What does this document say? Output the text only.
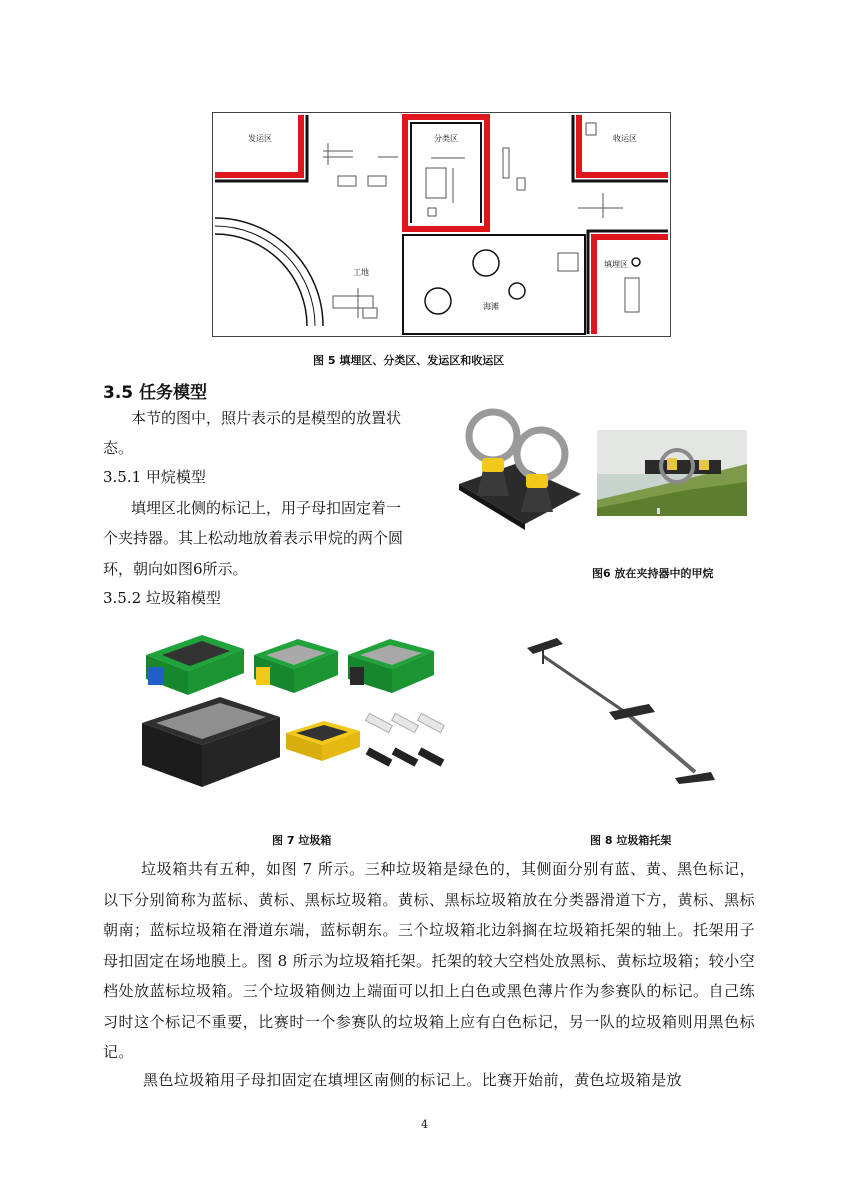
发运区	分类区	收运区
工地
填埋区
海滩
图 5 填埋区、分类区、发运区和收运区
3.5 任务模型
本节的图中，照片表示的是模型的放置状
态。
3.5.1 甲烷模型
填埋区北侧的标记上，用子母扣固定着一
个夹持器。其上松动地放着表示甲烷的两个圆
环，朝向如图6所示。
3.5.2 垃圾箱模型
图6 放在夹持器中的甲烷
图 7 垃圾箱	图 8 垃圾箱托架
垃圾箱共有五种，如图 7 所示。三种垃圾箱是绿色的，其侧面分别有蓝、黄、黑色标记，以下分别简称为蓝标、黄标、黑标垃圾箱。黄标、黑标垃圾箱放在分类器滑道下方，黄标、黑标朝南；蓝标垃圾箱在滑道东端，蓝标朝东。三个垃圾箱北边斜搁在垃圾箱托架的轴上。托架用子母扣固定在场地膜上。图 8 所示为垃圾箱托架。托架的较大空档处放黑标、黄标垃圾箱；较小空档处放蓝标垃圾箱。三个垃圾箱侧边上端面可以扣上白色或黑色薄片作为参赛队的标记。自己练习时这个标记不重要，比赛时一个参赛队的垃圾箱上应有白色标记，另一队的垃圾箱则用黑色标记。
黑色垃圾箱用子母扣固定在填埋区南侧的标记上。比赛开始前，黄色垃圾箱是放
4
